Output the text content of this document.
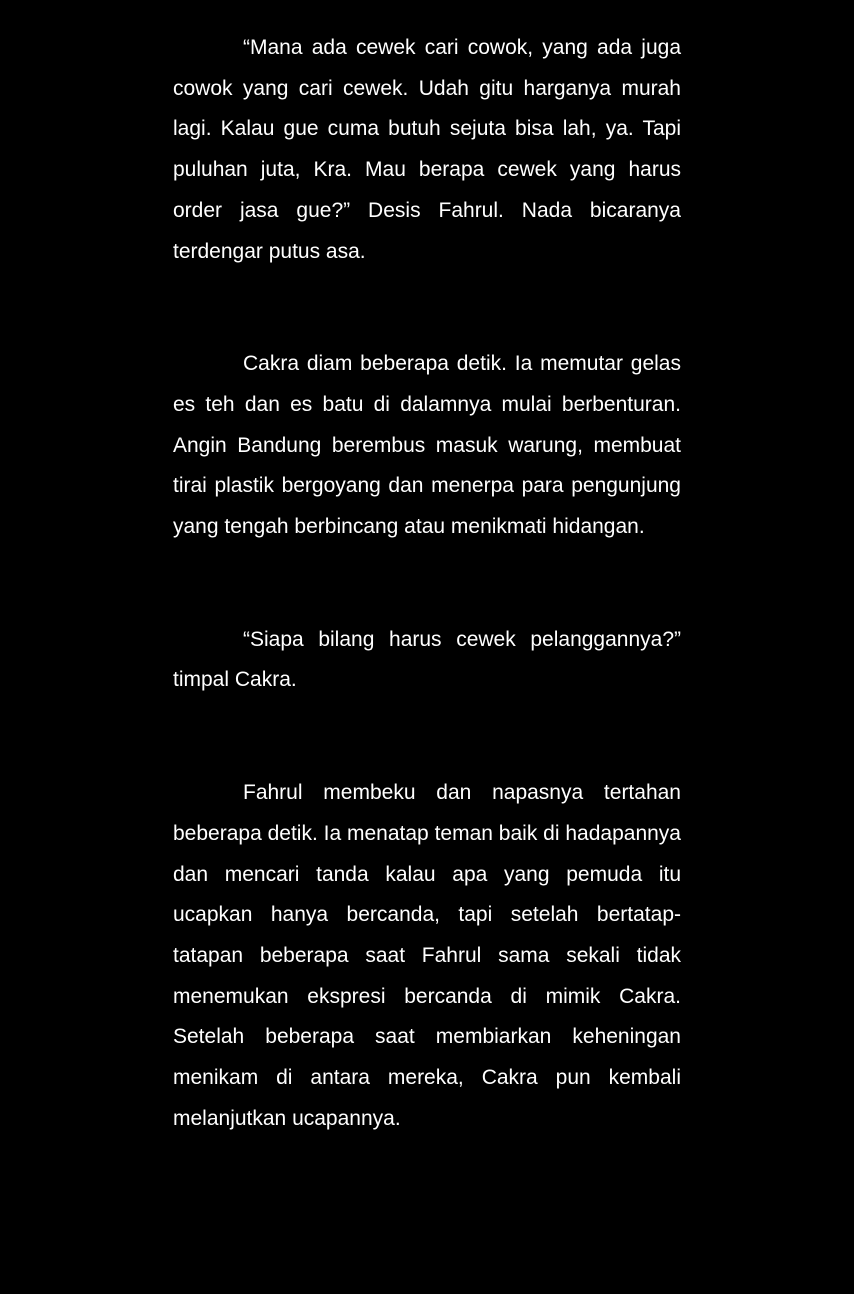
“Mana ada cewek cari cowok, yang ada juga cowok yang cari cewek. Udah gitu harganya murah lagi. Kalau gue cuma butuh sejuta bisa lah, ya. Tapi puluhan juta, Kra. Mau berapa cewek yang harus order jasa gue?” Desis Fahrul. Nada bicaranya terdengar putus asa.

Cakra diam beberapa detik. Ia memutar gelas es teh dan es batu di dalamnya mulai berbenturan. Angin Bandung berembus masuk warung, membuat tirai plastik bergoyang dan menerpa para pengunjung yang tengah berbincang atau menikmati hidangan.

“Siapa bilang harus cewek pelanggannya?” timpal Cakra.

Fahrul membeku dan napasnya tertahan beberapa detik. Ia menatap teman baik di hadapannya dan mencari tanda kalau apa yang pemuda itu ucapkan hanya bercanda, tapi setelah bertatap-tatapan beberapa saat Fahrul sama sekali tidak menemukan ekspresi bercanda di mimik Cakra. Setelah beberapa saat membiarkan keheningan menikam di antara mereka, Cakra pun kembali melanjutkan ucapannya.
